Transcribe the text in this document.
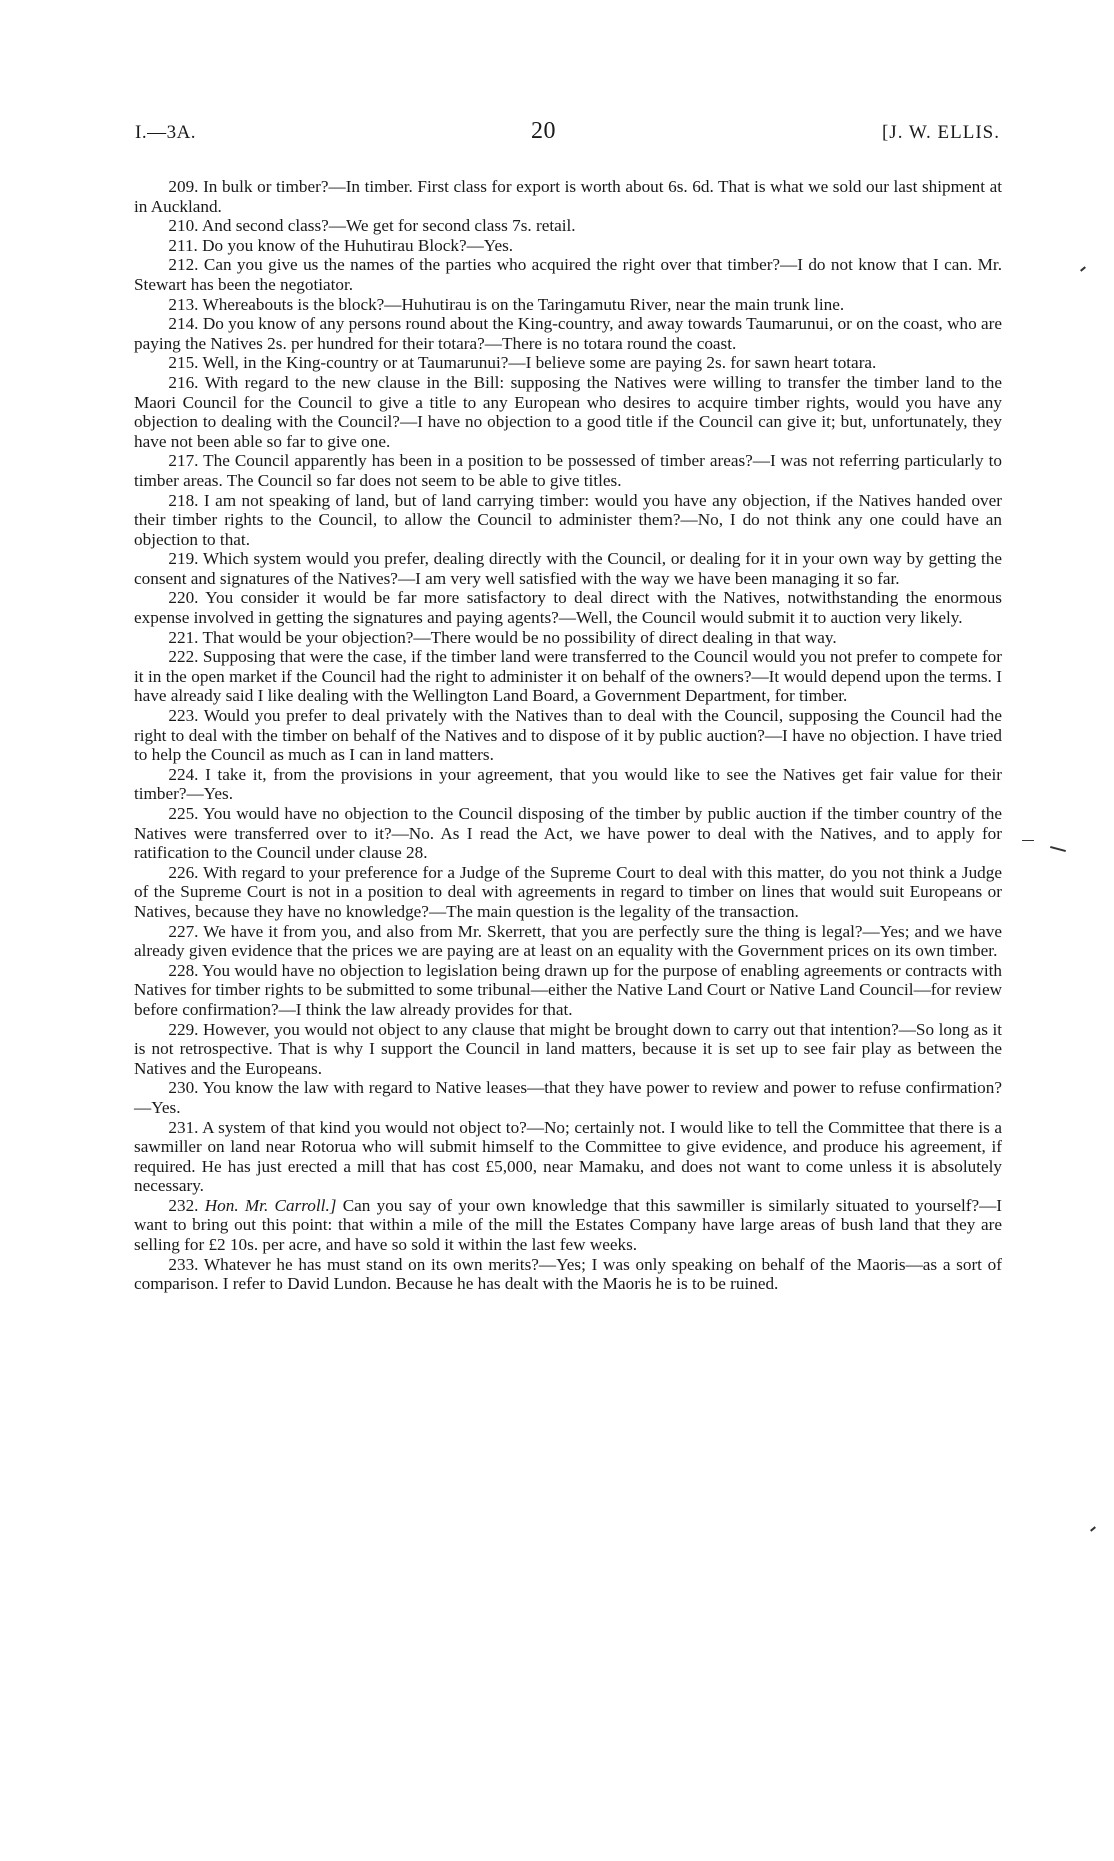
I.—3A.	20	[J. W. ELLIS.

209. In bulk or timber?—In timber. First class for export is worth about 6s. 6d. That is what we sold our last shipment at in Auckland.

210. And second class?—We get for second class 7s. retail.

211. Do you know of the Huhutirau Block?—Yes.

212. Can you give us the names of the parties who acquired the right over that timber?—I do not know that I can. Mr. Stewart has been the negotiator.

213. Whereabouts is the block?—Huhutirau is on the Taringamutu River, near the main trunk line.

214. Do you know of any persons round about the King-country, and away towards Taumarunui, or on the coast, who are paying the Natives 2s. per hundred for their totara?—There is no totara round the coast.

215. Well, in the King-country or at Taumarunui?—I believe some are paying 2s. for sawn heart totara.

216. With regard to the new clause in the Bill: supposing the Natives were willing to transfer the timber land to the Maori Council for the Council to give a title to any European who desires to acquire timber rights, would you have any objection to dealing with the Council?—I have no objection to a good title if the Council can give it; but, unfortunately, they have not been able so far to give one.

217. The Council apparently has been in a position to be possessed of timber areas?—I was not referring particularly to timber areas. The Council so far does not seem to be able to give titles.

218. I am not speaking of land, but of land carrying timber: would you have any objection, if the Natives handed over their timber rights to the Council, to allow the Council to administer them?—No, I do not think any one could have an objection to that.

219. Which system would you prefer, dealing directly with the Council, or dealing for it in your own way by getting the consent and signatures of the Natives?—I am very well satisfied with the way we have been managing it so far.

220. You consider it would be far more satisfactory to deal direct with the Natives, notwithstanding the enormous expense involved in getting the signatures and paying agents?—Well, the Council would submit it to auction very likely.

221. That would be your objection?—There would be no possibility of direct dealing in that way.

222. Supposing that were the case, if the timber land were transferred to the Council would you not prefer to compete for it in the open market if the Council had the right to administer it on behalf of the owners?—It would depend upon the terms. I have already said I like dealing with the Wellington Land Board, a Government Department, for timber.

223. Would you prefer to deal privately with the Natives than to deal with the Council, supposing the Council had the right to deal with the timber on behalf of the Natives and to dispose of it by public auction?—I have no objection. I have tried to help the Council as much as I can in land matters.

224. I take it, from the provisions in your agreement, that you would like to see the Natives get fair value for their timber?—Yes.

225. You would have no objection to the Council disposing of the timber by public auction if the timber country of the Natives were transferred over to it?—No. As I read the Act, we have power to deal with the Natives, and to apply for ratification to the Council under clause 28.

226. With regard to your preference for a Judge of the Supreme Court to deal with this matter, do you not think a Judge of the Supreme Court is not in a position to deal with agreements in regard to timber on lines that would suit Europeans or Natives, because they have no knowledge?—The main question is the legality of the transaction.

227. We have it from you, and also from Mr. Skerrett, that you are perfectly sure the thing is legal?—Yes; and we have already given evidence that the prices we are paying are at least on an equality with the Government prices on its own timber.

228. You would have no objection to legislation being drawn up for the purpose of enabling agreements or contracts with Natives for timber rights to be submitted to some tribunal—either the Native Land Court or Native Land Council—for review before confirmation?—I think the law already provides for that.

229. However, you would not object to any clause that might be brought down to carry out that intention?—So long as it is not retrospective. That is why I support the Council in land matters, because it is set up to see fair play as between the Natives and the Europeans.

230. You know the law with regard to Native leases—that they have power to review and power to refuse confirmation?—Yes.

231. A system of that kind you would not object to?—No; certainly not. I would like to tell the Committee that there is a sawmiller on land near Rotorua who will submit himself to the Committee to give evidence, and produce his agreement, if required. He has just erected a mill that has cost £5,000, near Mamaku, and does not want to come unless it is absolutely necessary.

232. Hon. Mr. Carroll.] Can you say of your own knowledge that this sawmiller is similarly situated to yourself?—I want to bring out this point: that within a mile of the mill the Estates Company have large areas of bush land that they are selling for £2 10s. per acre, and have so sold it within the last few weeks.

233. Whatever he has must stand on its own merits?—Yes; I was only speaking on behalf of the Maoris—as a sort of comparison. I refer to David Lundon. Because he has dealt with the Maoris he is to be ruined.
